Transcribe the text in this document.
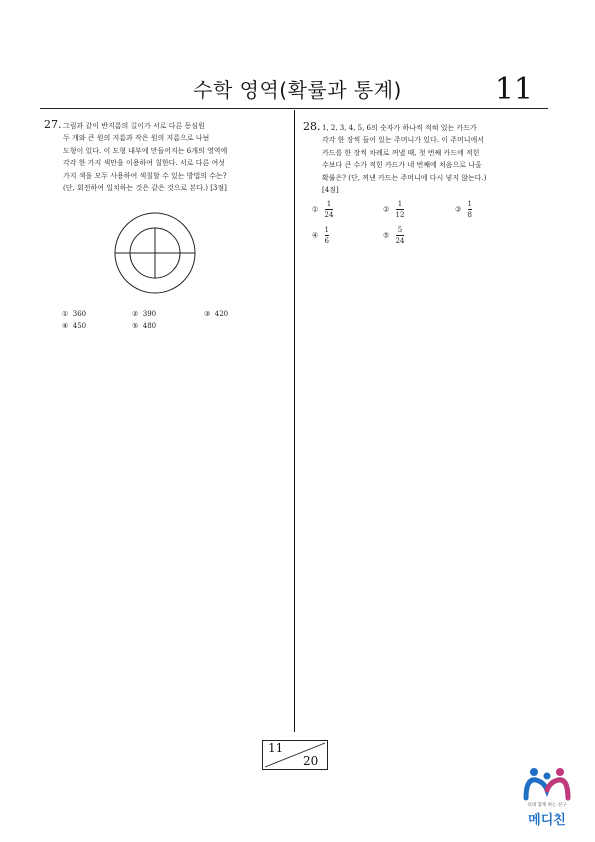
수학 영역(확률과 통계)	11
27. 그림과 같이 반지름의 길이가 서로 다른 동심원
두 개와 큰 원의 지름과 작은 원의 지름으로 나뉜
도형이 있다. 이 도형 내부에 만들어지는 6개의 영역에
각각 한 가지 색만을 이용하여 칠한다. 서로 다른 여섯
가지 색을 모두 사용하여 색칠할 수 있는 방법의 수는?
(단, 회전하여 일치하는 것은 같은 것으로 본다.) [3점]
① 360	② 390	③ 420
④ 450	⑤ 480
28. 1, 2, 3, 4, 5, 6의 숫자가 하나씩 적혀 있는 카드가
각각 한 장씩 들어 있는 주머니가 있다. 이 주머니에서
카드를 한 장씩 차례로 꺼낼 때, 첫 번째 카드에 적힌
수보다 큰 수가 적힌 카드가 네 번째에 처음으로 나올
확률은? (단, 꺼낸 카드는 주머니에 다시 넣지 않는다.)
[4점]
① $\frac{1}{24}$	② $\frac{1}{12}$	③ $\frac{1}{8}$
④ $\frac{1}{6}$	⑤ $\frac{5}{24}$
11
20
의대 함께 하는 친구
메디친
